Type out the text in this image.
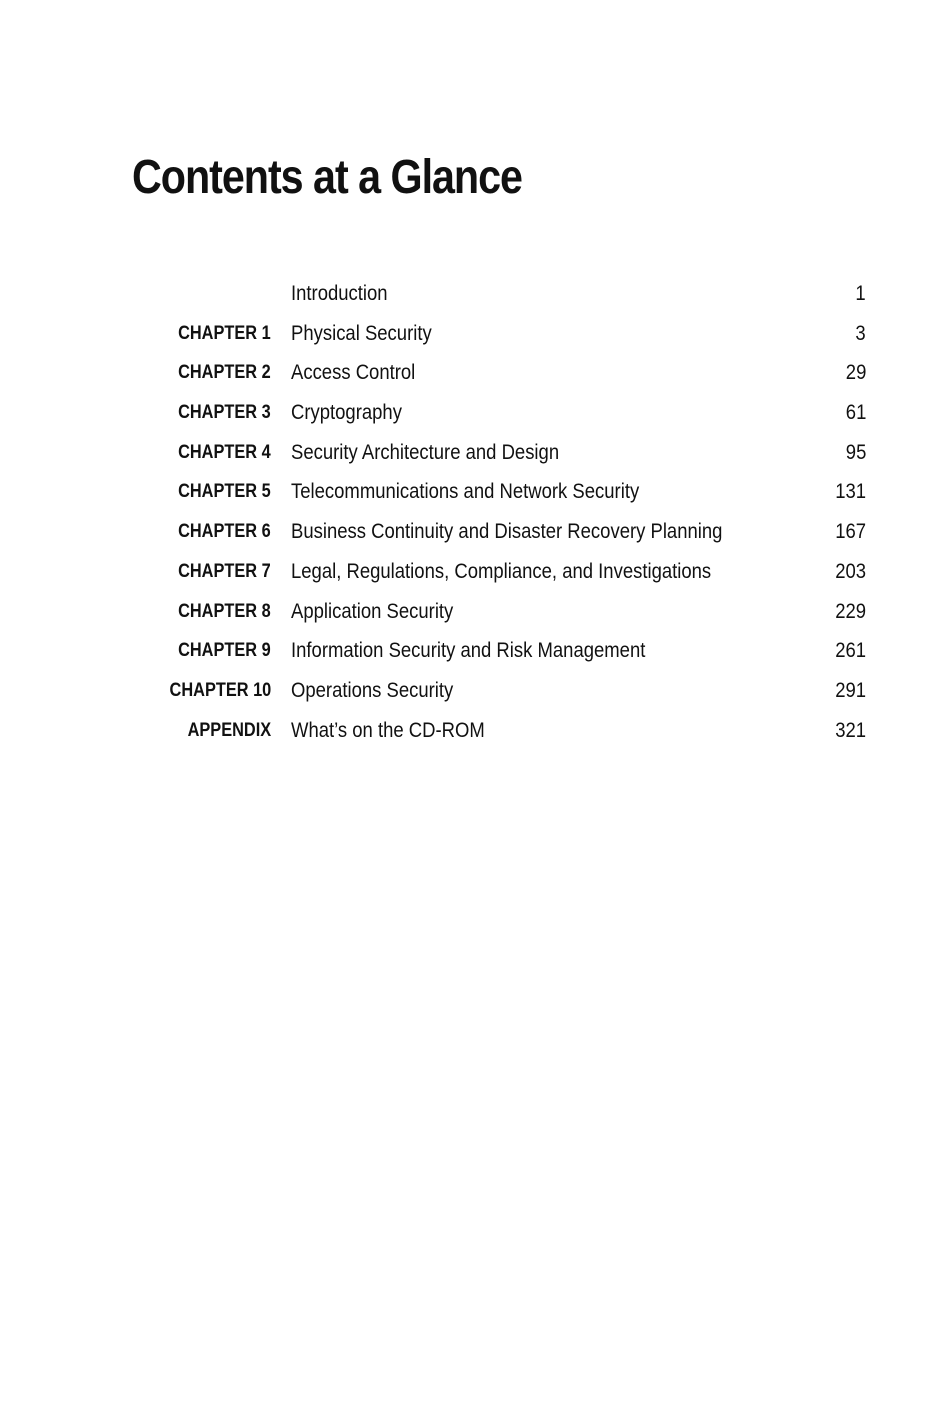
Contents at a Glance
Introduction	1
CHAPTER 1 Physical Security	3
CHAPTER 2 Access Control	29
CHAPTER 3 Cryptography	61
CHAPTER 4 Security Architecture and Design	95
CHAPTER 5 Telecommunications and Network Security	131
CHAPTER 6 Business Continuity and Disaster Recovery Planning	167
CHAPTER 7 Legal, Regulations, Compliance, and Investigations	203
CHAPTER 8 Application Security	229
CHAPTER 9 Information Security and Risk Management	261
CHAPTER 10 Operations Security	291
APPENDIX What’s on the CD-ROM	321
